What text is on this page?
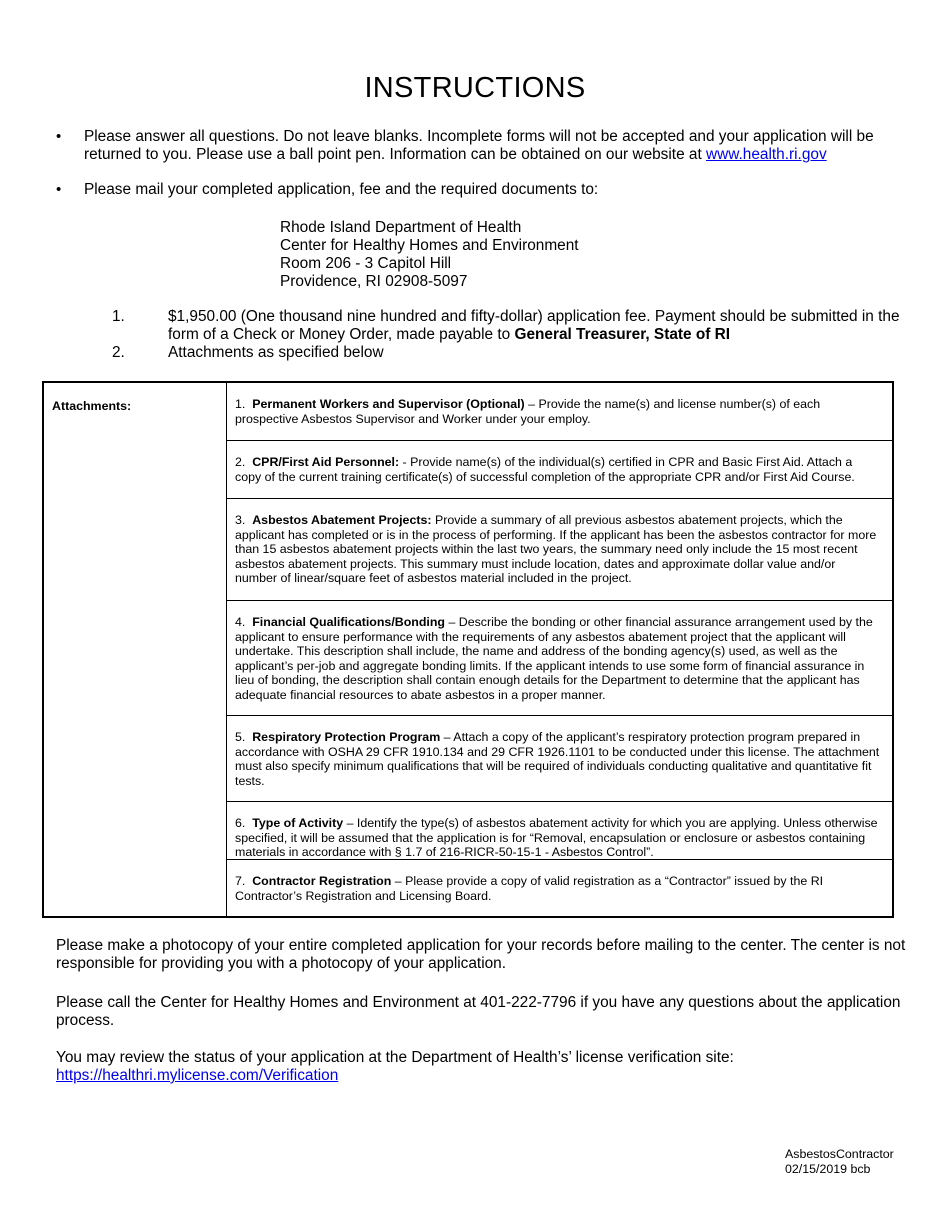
INSTRUCTIONS
• Please answer all questions. Do not leave blanks. Incomplete forms will not be accepted and your application will be returned to you. Please use a ball point pen. Information can be obtained on our website at www.health.ri.gov
• Please mail your completed application, fee and the required documents to:
Rhode Island Department of Health
Center for Healthy Homes and Environment
Room 206 - 3 Capitol Hill
Providence, RI 02908-5097
1.	$1,950.00 (One thousand nine hundred and fifty-dollar) application fee. Payment should be submitted in the form of a Check or Money Order, made payable to General Treasurer, State of RI
2.	Attachments as specified below
Attachments:	1. Permanent Workers and Supervisor (Optional) – Provide the name(s) and license number(s) of each prospective Asbestos Supervisor and Worker under your employ.
2. CPR/First Aid Personnel: - Provide name(s) of the individual(s) certified in CPR and Basic First Aid. Attach a copy of the current training certificate(s) of successful completion of the appropriate CPR and/or First Aid Course.
3. Asbestos Abatement Projects: Provide a summary of all previous asbestos abatement projects, which the applicant has completed or is in the process of performing. If the applicant has been the asbestos contractor for more than 15 asbestos abatement projects within the last two years, the summary need only include the 15 most recent asbestos abatement projects. This summary must include location, dates and approximate dollar value and/or number of linear/square feet of asbestos material included in the project.
4. Financial Qualifications/Bonding – Describe the bonding or other financial assurance arrangement used by the applicant to ensure performance with the requirements of any asbestos abatement project that the applicant will undertake. This description shall include, the name and address of the bonding agency(s) used, as well as the applicant’s per-job and aggregate bonding limits. If the applicant intends to use some form of financial assurance in lieu of bonding, the description shall contain enough details for the Department to determine that the applicant has adequate financial resources to abate asbestos in a proper manner.
5. Respiratory Protection Program – Attach a copy of the applicant’s respiratory protection program prepared in accordance with OSHA 29 CFR 1910.134 and 29 CFR 1926.1101 to be conducted under this license. The attachment must also specify minimum qualifications that will be required of individuals conducting qualitative and quantitative fit tests.
6. Type of Activity – Identify the type(s) of asbestos abatement activity for which you are applying. Unless otherwise specified, it will be assumed that the application is for “Removal, encapsulation or enclosure or asbestos containing materials in accordance with § 1.7 of 216-RICR-50-15-1 - Asbestos Control”.
7. Contractor Registration – Please provide a copy of valid registration as a “Contractor” issued by the RI Contractor’s Registration and Licensing Board.
Please make a photocopy of your entire completed application for your records before mailing to the center. The center is not responsible for providing you with a photocopy of your application.
Please call the Center for Healthy Homes and Environment at 401-222-7796 if you have any questions about the application process.
You may review the status of your application at the Department of Health’s’ license verification site:
https://healthri.mylicense.com/Verification
AsbestosContractor
02/15/2019 bcb
